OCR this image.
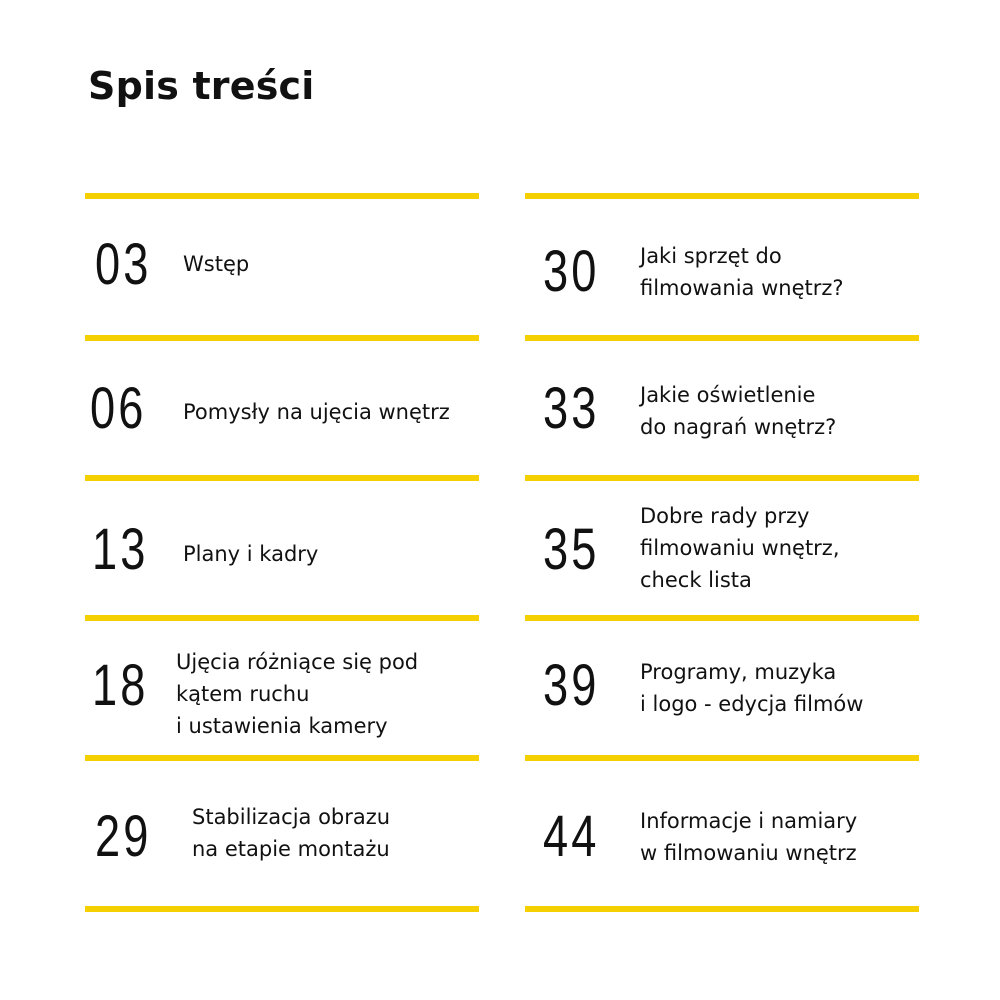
Spis treści
03 Wstęp
06 Pomysły na ujęcia wnętrz
13 Plany i kadry
18 Ujęcia różniące się pod
kątem ruchu
i ustawienia kamery
29 Stabilizacja obrazu
na etapie montażu
30 Jaki sprzęt do
filmowania wnętrz?
33 Jakie oświetlenie
do nagrań wnętrz?
35
Dobre rady przy
filmowaniu wnętrz,
check lista
39 Programy, muzyka
i logo - edycja filmów
44 Informacje i namiary
w filmowaniu wnętrz
